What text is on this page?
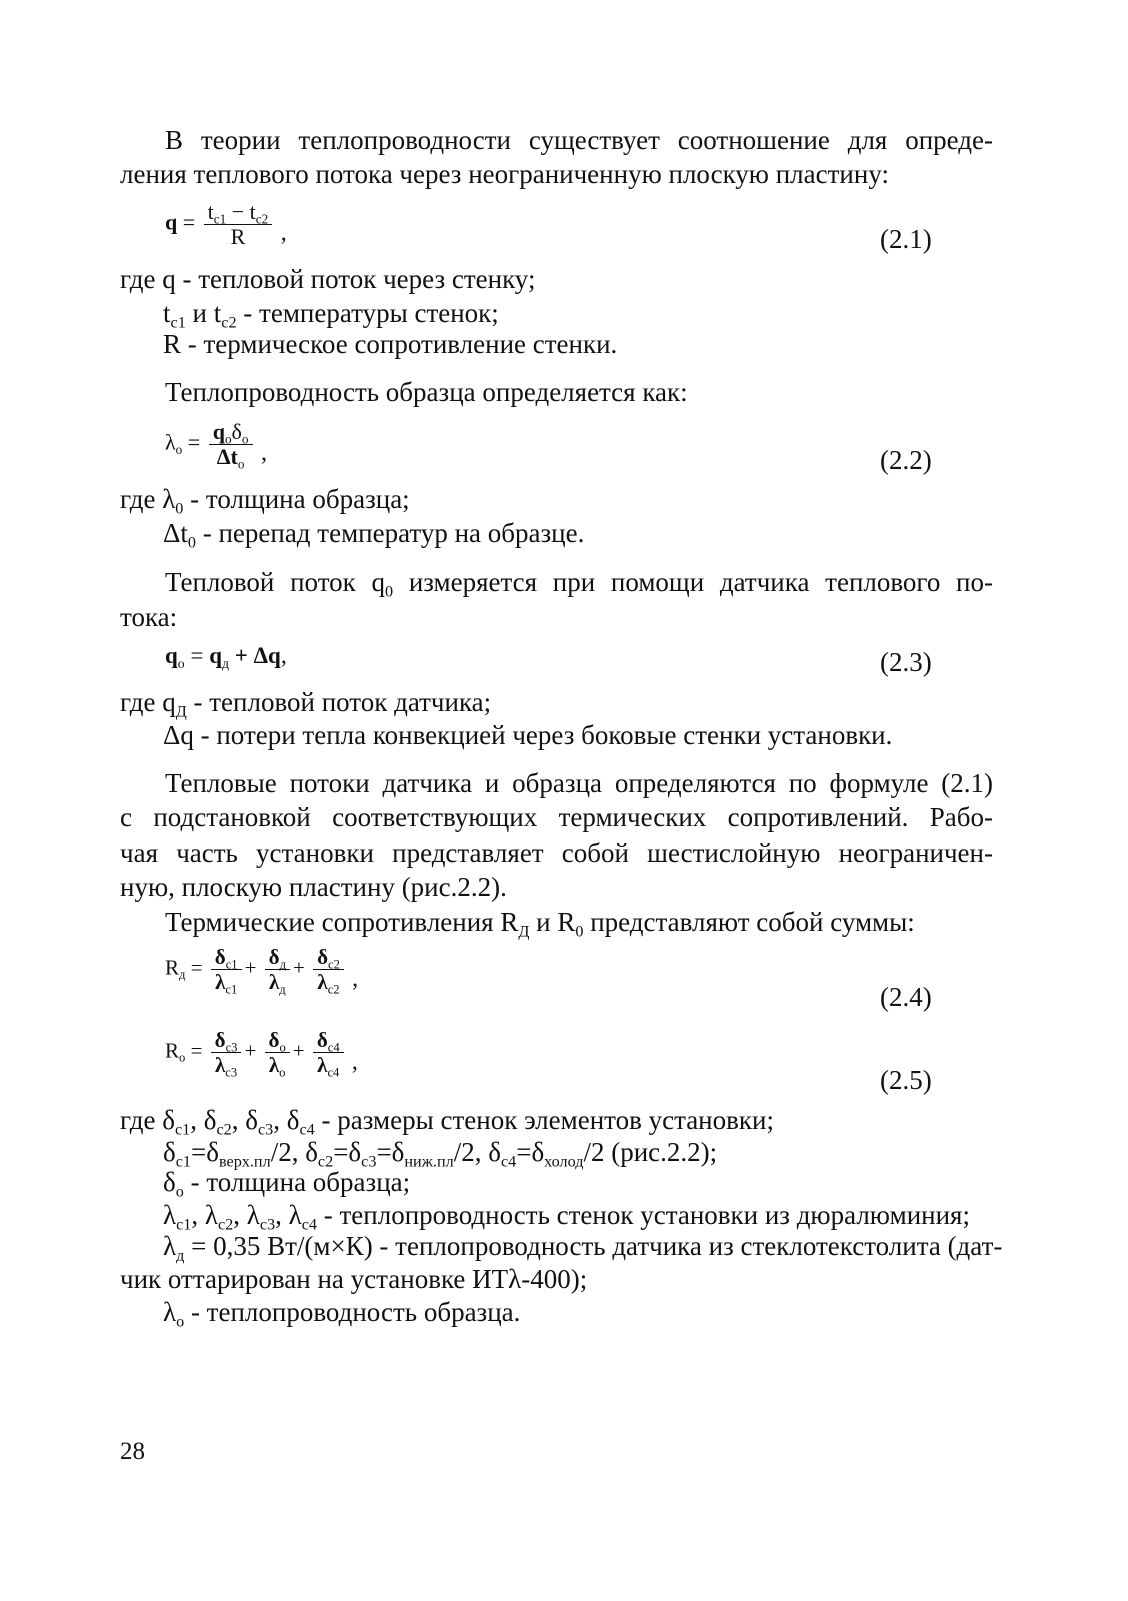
В теории теплопроводности существует соотношение для опреде-
ления теплового потока через неограниченную плоскую пластину:
$q = \frac{t_{c1} - t_{c2}}{R}$ ,	(2.1)
где q - тепловой поток через стенку;
$t_{c1}$ и $t_{c2}$ - температуры стенок;
R - термическое сопротивление стенки.
Теплопроводность образца определяется как:
$\lambda_o = \frac{q_o\delta_o}{\Delta t_o}$ ,	(2.2)
где $\lambda_0$ - толщина образца;
$\Delta t_0$ - перепад температур на образце.
Тепловой поток $q_0$ измеряется при помощи датчика теплового по-
тока:
$q_o = q_д + \Delta q$,	(2.3)
где $q_Д$ - тепловой поток датчика;
Δq - потери тепла конвекцией через боковые стенки установки.
Тепловые потоки датчика и образца определяются по формуле (2.1)
с подстановкой соответствующих термических сопротивлений. Рабо-
чая часть установки представляет собой шестислойную неограничен-
ную, плоскую пластину (рис.2.2).
Термические сопротивления $R_Д$ и $R_0$ представляют собой суммы:
$R_д = \frac{\delta_{c1}}{\lambda_{c1}} + \frac{\delta_д}{\lambda_д} + \frac{\delta_{c2}}{\lambda_{c2}}$ ,
(2.4)
$R_o = \frac{\delta_{c3}}{\lambda_{c3}} + \frac{\delta_o}{\lambda_o} + \frac{\delta_{c4}}{\lambda_{c4}}$ ,
(2.5)
где $\delta_{c1}$, $\delta_{c2}$, $\delta_{c3}$, $\delta_{c4}$ - размеры стенок элементов установки;
$\delta_{c1}=\delta_{верх.пл}/2$, $\delta_{c2}=\delta_{c3}=\delta_{ниж.пл}/2$, $\delta_{c4}=\delta_{холод}/2$ (рис.2.2);
$\delta_o$ - толщина образца;
$\lambda_{c1}$, $\lambda_{c2}$, $\lambda_{c3}$, $\lambda_{c4}$ - теплопроводность стенок установки из дюралюминия;
$\lambda_д = 0,35$ Вт/(м×К) - теплопроводность датчика из стеклотекстолита (дат-
чик оттарирован на установке ИТλ-400);
$\lambda_o$ - теплопроводность образца.
28
